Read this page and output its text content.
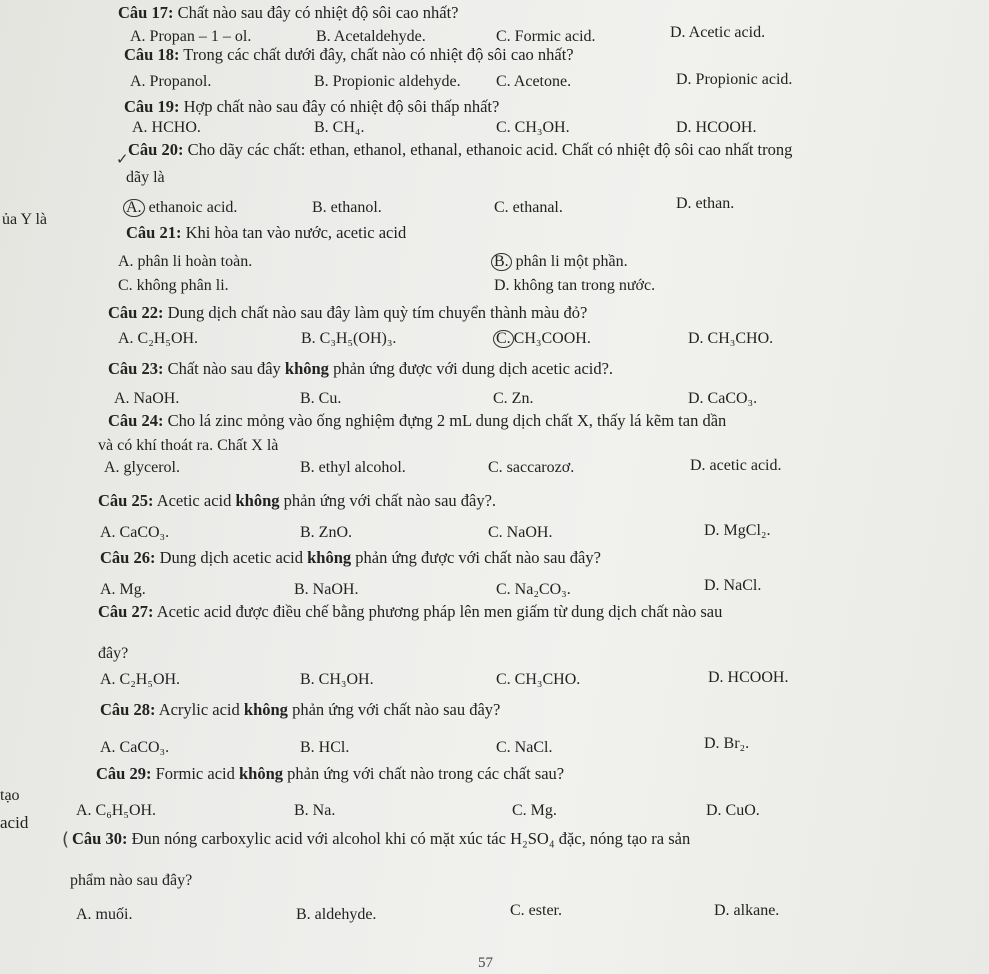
ủa Y là
tạo
acid
Câu 17: Chất nào sau đây có nhiệt độ sôi cao nhất?
A. Propan – 1 – ol.	B. Acetaldehyde.	C. Formic acid.	D. Acetic acid.
Câu 18: Trong các chất dưới đây, chất nào có nhiệt độ sôi cao nhất?
A. Propanol.	B. Propionic aldehyde. C. Acetone.	D. Propionic acid.
Câu 19: Hợp chất nào sau đây có nhiệt độ sôi thấp nhất?
A. HCHO.	B. CH₄.	C. CH₃OH.	D. HCOOH.
✓ Câu 20: Cho dãy các chất: ethan, ethanol, ethanal, ethanoic acid. Chất có nhiệt độ sôi cao nhất trong
dãy là
A. ethanoic acid.	B. ethanol.	C. ethanal.	D. ethan.
Câu 21: Khi hòa tan vào nước, acetic acid
A. phân li hoàn toàn.	B. phân li một phần.
C. không phân li.	D. không tan trong nước.
Câu 22: Dung dịch chất nào sau đây làm quỳ tím chuyển thành màu đỏ?
A. C₂H₅OH.	B. C₃H₅(OH)₃.	C. CH₃COOH.	D. CH₃CHO.
Câu 23: Chất nào sau đây không phản ứng được với dung dịch acetic acid?.
A. NaOH.	B. Cu.	C. Zn.	D. CaCO₃.
Câu 24: Cho lá zinc mỏng vào ống nghiệm đựng 2 mL dung dịch chất X, thấy lá kẽm tan dần
và có khí thoát ra. Chất X là
A. glycerol.	B. ethyl alcohol.	C. saccarozơ.	D. acetic acid.
Câu 25: Acetic acid không phản ứng với chất nào sau đây?.
A. CaCO₃.	B. ZnO.	C. NaOH.	D. MgCl₂.
Câu 26: Dung dịch acetic acid không phản ứng được với chất nào sau đây?
A. Mg.	B. NaOH.	C. Na₂CO₃.	D. NaCl.
Câu 27: Acetic acid được điều chế bằng phương pháp lên men giấm từ dung dịch chất nào sau
đây?
A. C₂H₅OH.	B. CH₃OH.	C. CH₃CHO.	D. HCOOH.
Câu 28: Acrylic acid không phản ứng với chất nào sau đây?
A. CaCO₃.	B. HCl.	C. NaCl.	D. Br₂.
Câu 29: Formic acid không phản ứng với chất nào trong các chất sau?
A. C₆H₅OH.	B. Na.	C. Mg.	D. CuO.
( Câu 30: Đun nóng carboxylic acid với alcohol khi có mặt xúc tác H₂SO₄ đặc, nóng tạo ra sản
phẩm nào sau đây?
A. muối.	B. aldehyde.	C. ester.	D. alkane.
57
